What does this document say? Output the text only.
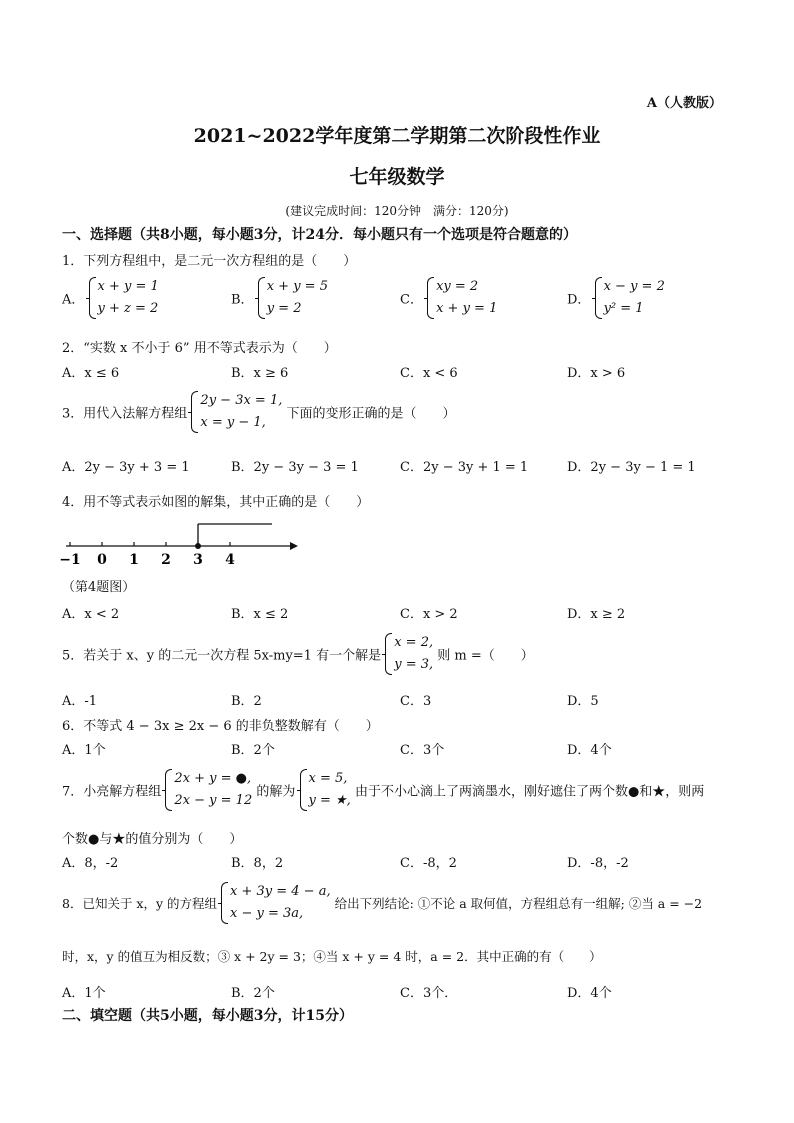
A（人教版）
2021~2022学年度第二学期第二次阶段性作业
七年级数学
(建议完成时间：120分钟　满分：120分)
一、选择题（共8小题，每小题3分，计24分．每小题只有一个选项是符合题意的）
1．下列方程组中，是二元一次方程组的是（　　）
A．
x + y = 1
y + z = 2
B．
x + y = 5
y = 2
C．
xy = 2
x + y = 1
D．
x − y = 2
y² = 1
2．“实数 x 不小于 6” 用不等式表示为（　　）
A．x ≤ 6	B．x ≥ 6	C．x < 6	D．x > 6
3．用代入法解方程组
2y − 3x = 1,
x = y − 1,
下面的变形正确的是（　　）
A．2y − 3y + 3 = 1	B．2y − 3y − 3 = 1	C．2y − 3y + 1 = 1	D．2y − 3y − 1 = 1
4．用不等式表示如图的解集，其中正确的是（　　）
−1 0 1 2 3 4
（第4题图）
A．x < 2	B．x ≤ 2	C．x > 2	D．x ≥ 2
5．若关于 x、y 的二元一次方程 5x-my=1 有一个解是
x = 2,
y = 3,
则 m =（　　）
A．-1	B．2	C．3	D．5
6．不等式 4 − 3x ≥ 2x − 6 的非负整数解有（　　）
A．1个	B．2个	C．3个	D．4个
7．小亮解方程组
2x + y = ●,
2x − y = 12
的解为
x = 5,
y = ★,
由于不小心滴上了两滴墨水，刚好遮住了两个数●和★，则两
个数●与★的值分别为（　　）
A．8，-2	B．8，2	C．-8，2	D．-8，-2
8．已知关于 x，y 的方程组
x + 3y = 4 − a,
x − y = 3a,
给出下列结论: ①不论 a 取何值，方程组总有一组解; ②当 a = −2
时，x，y 的值互为相反数；③ x + 2y = 3；④当 x + y = 4 时，a = 2．其中正确的有（　　）
A．1个	B．2个	C．3个．	D．4个
二、填空题（共5小题，每小题3分，计15分）
